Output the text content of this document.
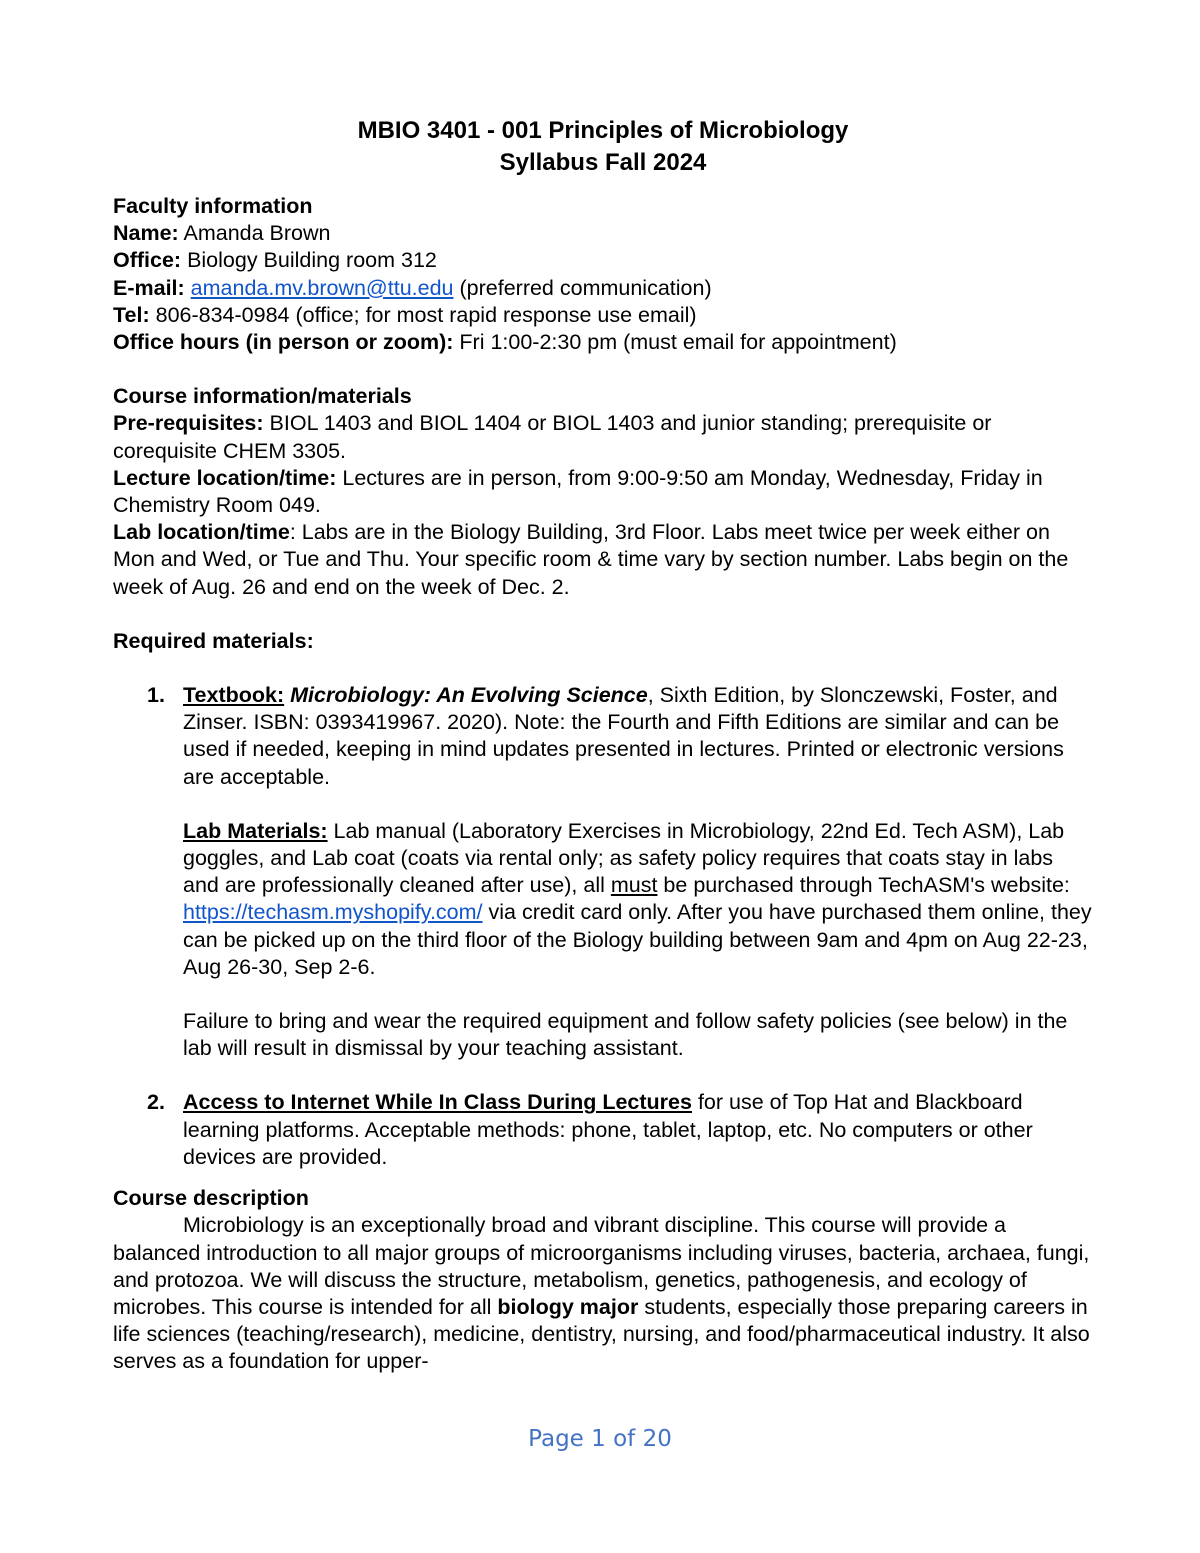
MBIO 3401 - 001 Principles of Microbiology
Syllabus Fall 2024
Faculty information
Name: Amanda Brown
Office: Biology Building room 312
E-mail: amanda.mv.brown@ttu.edu (preferred communication)
Tel: 806-834-0984 (office; for most rapid response use email)
Office hours (in person or zoom): Fri 1:00-2:30 pm (must email for appointment)
Course information/materials
Pre-requisites: BIOL 1403 and BIOL 1404 or BIOL 1403 and junior standing; prerequisite or corequisite CHEM 3305.
Lecture location/time: Lectures are in person, from 9:00-9:50 am Monday, Wednesday, Friday in Chemistry Room 049.
Lab location/time: Labs are in the Biology Building, 3rd Floor. Labs meet twice per week either on Mon and Wed, or Tue and Thu. Your specific room & time vary by section number. Labs begin on the week of Aug. 26 and end on the week of Dec. 2.
Required materials:
1. Textbook: Microbiology: An Evolving Science, Sixth Edition, by Slonczewski, Foster, and Zinser. ISBN: 0393419967. 2020). Note: the Fourth and Fifth Editions are similar and can be used if needed, keeping in mind updates presented in lectures. Printed or electronic versions are acceptable.
Lab Materials: Lab manual (Laboratory Exercises in Microbiology, 22nd Ed. Tech ASM), Lab goggles, and Lab coat (coats via rental only; as safety policy requires that coats stay in labs and are professionally cleaned after use), all must be purchased through TechASM's website: https://techasm.myshopify.com/ via credit card only. After you have purchased them online, they can be picked up on the third floor of the Biology building between 9am and 4pm on Aug 22-23, Aug 26-30, Sep 2-6.
Failure to bring and wear the required equipment and follow safety policies (see below) in the lab will result in dismissal by your teaching assistant.
2. Access to Internet While In Class During Lectures for use of Top Hat and Blackboard learning platforms. Acceptable methods: phone, tablet, laptop, etc. No computers or other devices are provided.
Course description
Microbiology is an exceptionally broad and vibrant discipline. This course will provide a balanced introduction to all major groups of microorganisms including viruses, bacteria, archaea, fungi, and protozoa. We will discuss the structure, metabolism, genetics, pathogenesis, and ecology of microbes. This course is intended for all biology major students, especially those preparing careers in life sciences (teaching/research), medicine, dentistry, nursing, and food/pharmaceutical industry. It also serves as a foundation for upper-
Page 1 of 20
